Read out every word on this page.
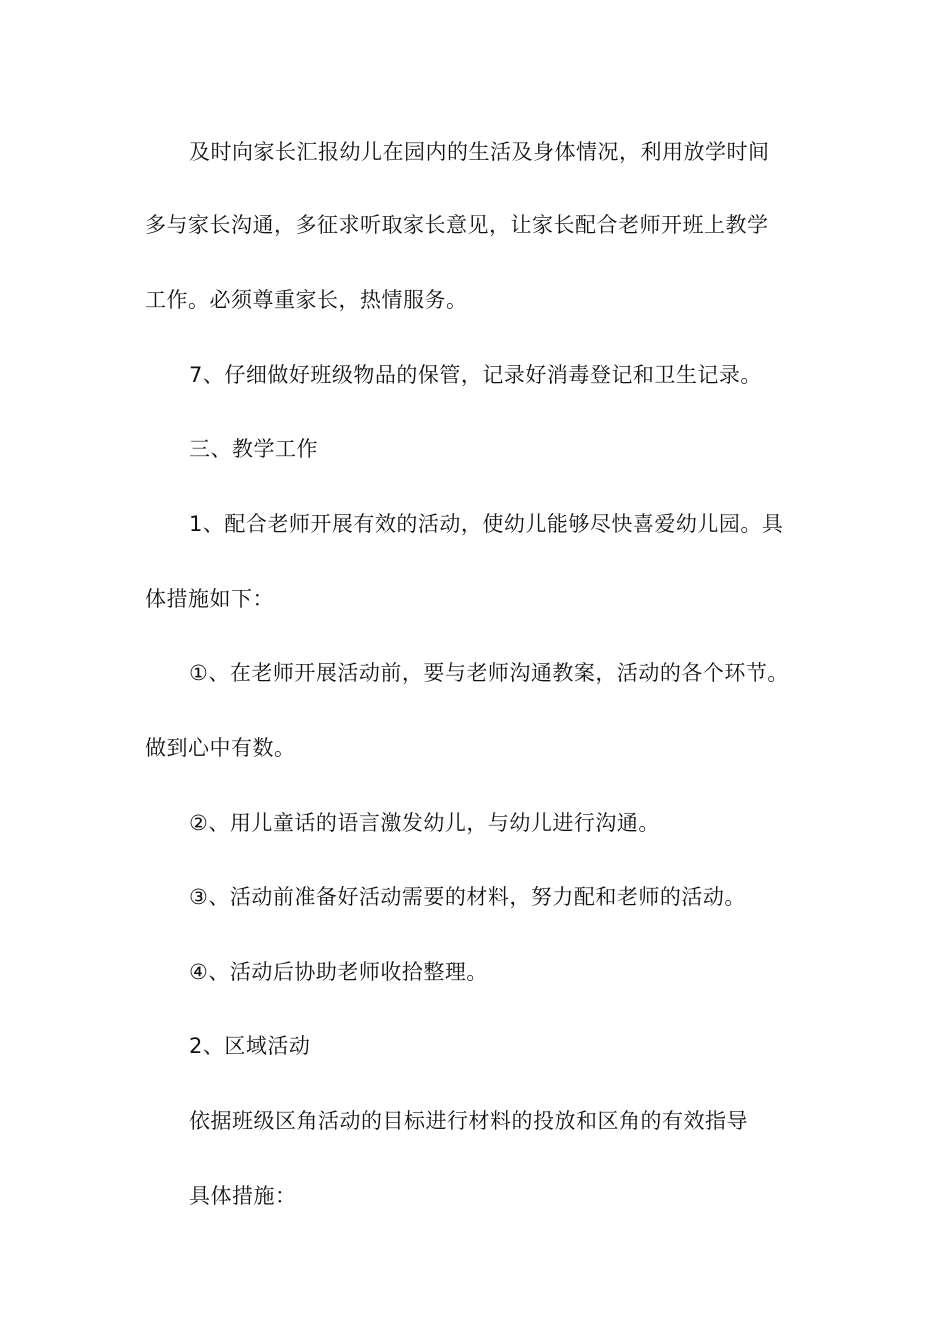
及时向家长汇报幼儿在园内的生活及身体情况，利用放学时间
多与家长沟通，多征求听取家长意见，让家长配合老师开班上教学
工作。必须尊重家长，热情服务。
7、仔细做好班级物品的保管，记录好消毒登记和卫生记录。
三、教学工作
1、配合老师开展有效的活动，使幼儿能够尽快喜爱幼儿园。具
体措施如下：
①、在老师开展活动前，要与老师沟通教案，活动的各个环节。
做到心中有数。
②、用儿童话的语言激发幼儿，与幼儿进行沟通。
③、活动前准备好活动需要的材料，努力配和老师的活动。
④、活动后协助老师收拾整理。
2、区域活动
依据班级区角活动的目标进行材料的投放和区角的有效指导
具体措施：
